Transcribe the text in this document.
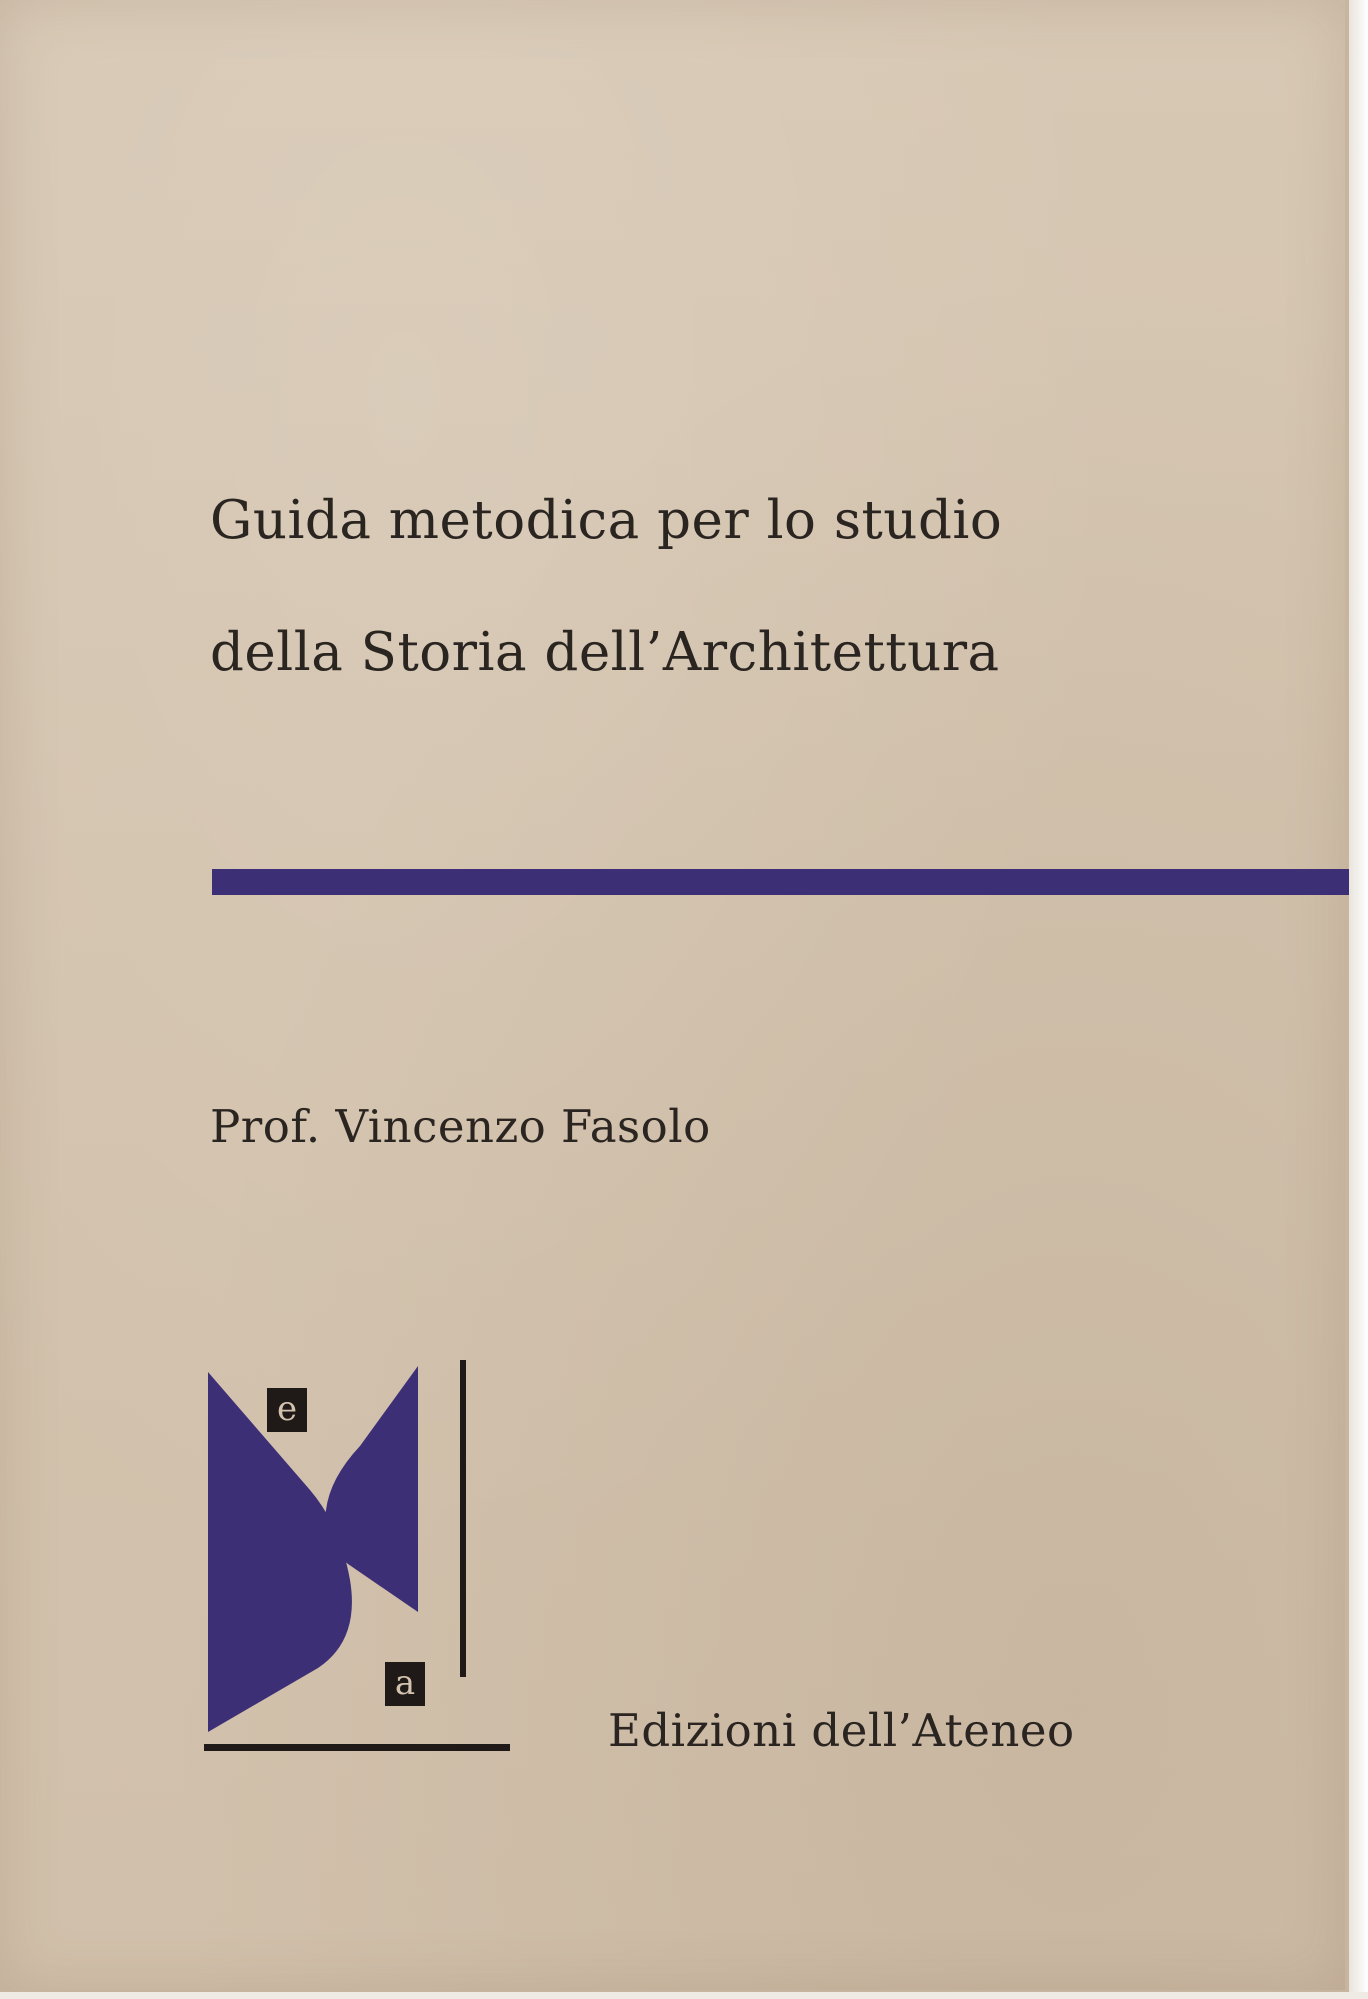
Guida metodica per lo studio
della Storia dell’Architettura
Prof. Vincenzo Fasolo
e
a
Edizioni dell’Ateneo
